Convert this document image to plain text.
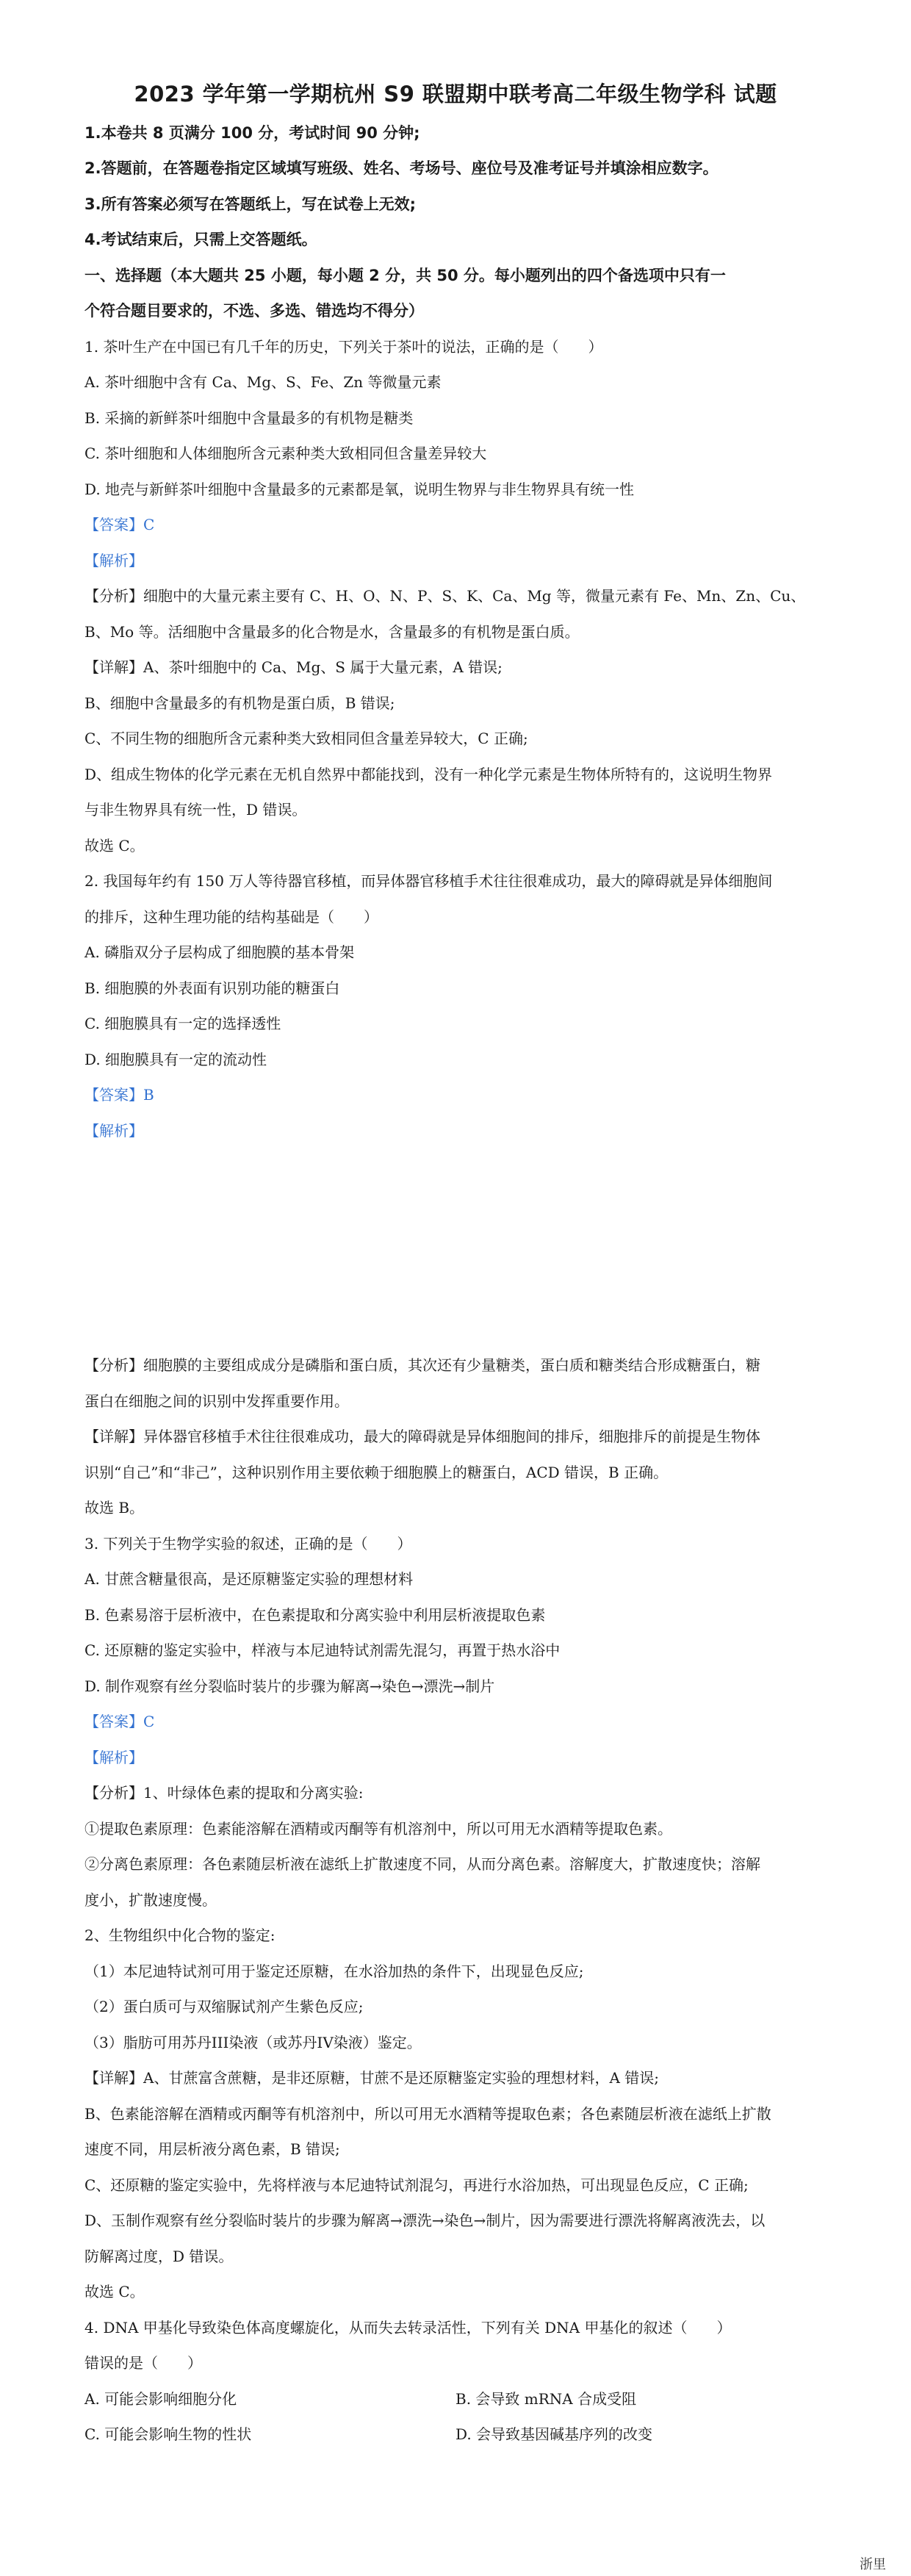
2023 学年第一学期杭州 S9 联盟期中联考高二年级生物学科 试题
1.本卷共 8 页满分 100 分，考试时间 90 分钟;
2.答题前，在答题卷指定区域填写班级、姓名、考场号、座位号及准考证号并填涂相应数字。
3.所有答案必须写在答题纸上，写在试卷上无效;
4.考试结束后，只需上交答题纸。
一、选择题（本大题共 25 小题，每小题 2 分，共 50 分。每小题列出的四个备选项中只有一
个符合题目要求的，不选、多选、错选均不得分）
1. 茶叶生产在中国已有几千年的历史，下列关于茶叶的说法，正确的是（　　）
A. 茶叶细胞中含有 Ca、Mg、S、Fe、Zn 等微量元素
B. 采摘的新鲜茶叶细胞中含量最多的有机物是糖类
C. 茶叶细胞和人体细胞所含元素种类大致相同但含量差异较大
D. 地壳与新鲜茶叶细胞中含量最多的元素都是氧，说明生物界与非生物界具有统一性
【答案】C
【解析】
【分析】细胞中的大量元素主要有 C、H、O、N、P、S、K、Ca、Mg 等，微量元素有 Fe、Mn、Zn、Cu、
B、Mo 等。活细胞中含量最多的化合物是水，含量最多的有机物是蛋白质。
【详解】A、茶叶细胞中的 Ca、Mg、S 属于大量元素，A 错误;
B、细胞中含量最多的有机物是蛋白质，B 错误;
C、不同生物的细胞所含元素种类大致相同但含量差异较大，C 正确;
D、组成生物体的化学元素在无机自然界中都能找到，没有一种化学元素是生物体所特有的，这说明生物界
与非生物界具有统一性，D 错误。
故选 C。
2. 我国每年约有 150 万人等待器官移植，而异体器官移植手术往往很难成功，最大的障碍就是异体细胞间
的排斥，这种生理功能的结构基础是（　　）
A. 磷脂双分子层构成了细胞膜的基本骨架
B. 细胞膜的外表面有识别功能的糖蛋白
C. 细胞膜具有一定的选择透性
D. 细胞膜具有一定的流动性
【答案】B
【解析】
【分析】细胞膜的主要组成成分是磷脂和蛋白质，其次还有少量糖类，蛋白质和糖类结合形成糖蛋白，糖
蛋白在细胞之间的识别中发挥重要作用。
【详解】异体器官移植手术往往很难成功，最大的障碍就是异体细胞间的排斥，细胞排斥的前提是生物体
识别“自己”和“非己”，这种识别作用主要依赖于细胞膜上的糖蛋白，ACD 错误，B 正确。
故选 B。
3. 下列关于生物学实验的叙述，正确的是（　　）
A. 甘蔗含糖量很高，是还原糖鉴定实验的理想材料
B. 色素易溶于层析液中，在色素提取和分离实验中利用层析液提取色素
C. 还原糖的鉴定实验中，样液与本尼迪特试剂需先混匀，再置于热水浴中
D. 制作观察有丝分裂临时装片的步骤为解离→染色→漂洗→制片
【答案】C
【解析】
【分析】1、叶绿体色素的提取和分离实验:
①提取色素原理：色素能溶解在酒精或丙酮等有机溶剂中，所以可用无水酒精等提取色素。
②分离色素原理：各色素随层析液在滤纸上扩散速度不同，从而分离色素。溶解度大，扩散速度快；溶解
度小，扩散速度慢。
2、生物组织中化合物的鉴定:
（1）本尼迪特试剂可用于鉴定还原糖，在水浴加热的条件下，出现显色反应;
（2）蛋白质可与双缩脲试剂产生紫色反应;
（3）脂肪可用苏丹III染液（或苏丹IV染液）鉴定。
【详解】A、甘蔗富含蔗糖，是非还原糖，甘蔗不是还原糖鉴定实验的理想材料，A 错误;
B、色素能溶解在酒精或丙酮等有机溶剂中，所以可用无水酒精等提取色素；各色素随层析液在滤纸上扩散
速度不同，用层析液分离色素，B 错误;
C、还原糖的鉴定实验中，先将样液与本尼迪特试剂混匀，再进行水浴加热，可出现显色反应，C 正确;
D、玉制作观察有丝分裂临时装片的步骤为解离→漂洗→染色→制片，因为需要进行漂洗将解离液洗去，以
防解离过度，D 错误。
故选 C。
4. DNA 甲基化导致染色体高度螺旋化，从而失去转录活性，下列有关 DNA 甲基化的叙述（　　）
错误的是（　　）
A. 可能会影响细胞分化	B. 会导致 mRNA 合成受阻
C. 可能会影响生物的性状	D. 会导致基因碱基序列的改变
浙里
